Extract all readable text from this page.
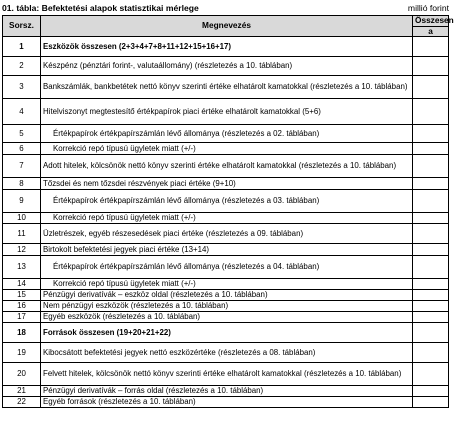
01. tábla: Befektetési alapok statisztikai mérlege	millió forint
Sorsz.	Megnevezés	Összesen
		a
1	Eszközök összesen (2+3+4+7+8+11+12+15+16+17)	
2	Készpénz (pénztári forint-, valutaállomány) (részletezés a 10. táblában)	
3	Bankszámlák, bankbetétek nettó könyv szerinti értéke elhatárolt kamatokkal (részletezés a 10. táblában)	
4	Hitelviszonyt megtestesítő értékpapírok piaci értéke elhatárolt kamatokkal (5+6)	
5	Értékpapírok értékpapírszámlán lévő állománya (részletezés a 02. táblában)	
6	Korrekció repó típusú ügyletek miatt (+/-)	
7	Adott hitelek, kölcsönök nettó könyv szerinti értéke elhatárolt kamatokkal (részletezés a 10. táblában)	
8	Tőzsdei és nem tőzsdei részvények piaci értéke (9+10)	
9	Értékpapírok értékpapírszámlán lévő állománya (részletezés a 03. táblában)	
10	Korrekció repó típusú ügyletek miatt (+/-)	
11	Üzletrészek, egyéb részesedések piaci értéke (részletezés a 09. táblában)	
12	Birtokolt befektetési jegyek piaci értéke (13+14)	
13	Értékpapírok értékpapírszámlán lévő állománya (részletezés a 04. táblában)	
14	Korrekció repó típusú ügyletek miatt (+/-)	
15	Pénzügyi derivatívák – eszköz oldal (részletezés a 10. táblában)	
16	Nem pénzügyi eszközök (részletezés a 10. táblában)	
17	Egyéb eszközök (részletezés a 10. táblában)	
18	Források összesen (19+20+21+22)	
19	Kibocsátott befektetési jegyek nettó eszközértéke (részletezés a 08. táblában)	
20	Felvett hitelek, kölcsönök nettó könyv szerinti értéke elhatárolt kamatokkal (részletezés a 10. táblában)	
21	Pénzügyi derivatívák – forrás oldal (részletezés a 10. táblában)	
22	Egyéb források (részletezés a 10. táblában)	
